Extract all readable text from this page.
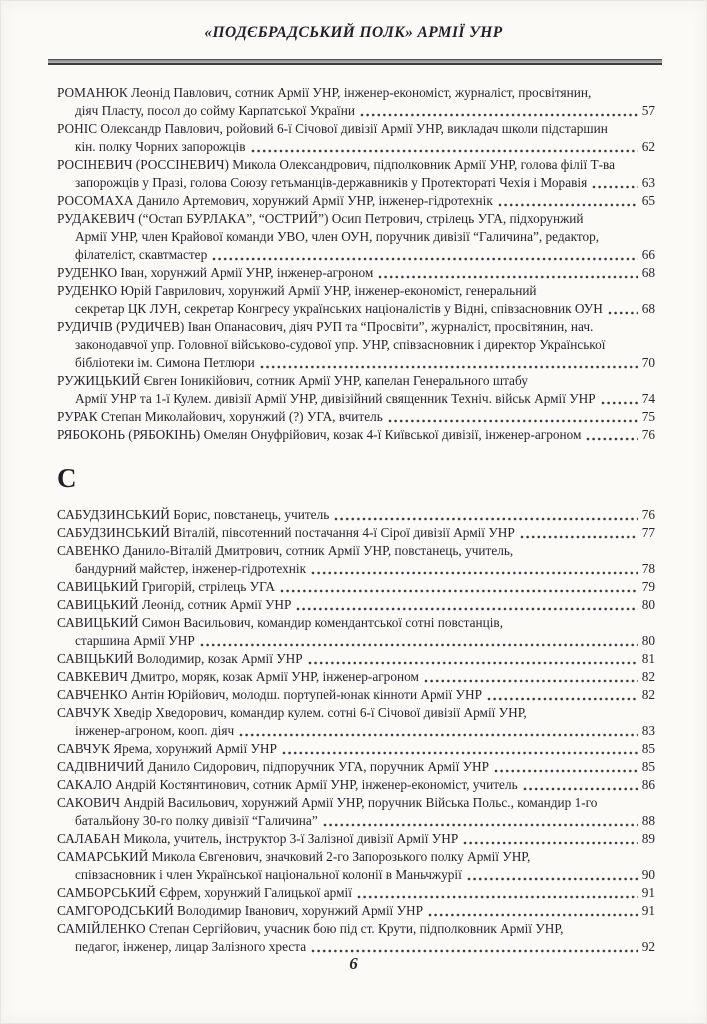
«ПОДЄБРАДСЬКИЙ ПОЛК» АРМІЇ УНР
РОМАНЮК Леонід Павлович, сотник Армії УНР, інженер-економіст, журналіст, просвітянин,
діяч Пласту, посол до сойму Карпатської України	57
РОНІС Олександр Павлович, ройовий 6-ї Січової дивізії Армії УНР, викладач школи підстаршин
кін. полку Чорних запорожців	62
РОСІНЕВИЧ (РОССІНЕВИЧ) Микола Олександрович, підполковник Армії УНР, голова філії Т-ва
запорожців у Празі, голова Союзу гетьманців-державників у Протектораті Чехія і Моравія	63
РОСОМАХА Данило Артемович, хорунжий Армії УНР, інженер-гідротехнік	65
РУДАКЕВИЧ (“Остап БУРЛАКА”, “ОСТРИЙ”) Осип Петрович, стрілець УГА, підхорунжий
Армії УНР, член Крайової команди УВО, член ОУН, поручник дивізії “Галичина”, редактор,
філателіст, скавтмастер	66
РУДЕНКО Іван, хорунжий Армії УНР, інженер-агроном	68
РУДЕНКО Юрій Гаврилович, хорунжий Армії УНР, інженер-економіст, генеральний
секретар ЦК ЛУН, секретар Конгресу українських націоналістів у Відні, співзасновник ОУН	68
РУДИЧІВ (РУДИЧЕВ) Іван Опанасович, діяч РУП та “Просвіти”, журналіст, просвітянин, нач.
законодавчої упр. Головної військово-судової упр. УНР, співзасновник і директор Української
бібліотеки ім. Симона Петлюри	70
РУЖИЦЬКИЙ Євген Іоникійович, сотник Армії УНР, капелан Генерального штабу
Армії УНР та 1-ї Кулем. дивізії Армії УНР, дивізійний священник Техніч. військ Армії УНР	74
РУРАК Степан Миколайович, хорунжий (?) УГА, вчитель	75
РЯБОКОНЬ (РЯБОКІНЬ) Омелян Онуфрійович, козак 4-ї Київської дивізії, інженер-агроном	76
С
САБУДЗИНСЬКИЙ Борис, повстанець, учитель	76
САБУДЗИНСЬКИЙ Віталій, півсотенний постачання 4-ї Сірої дивізії Армії УНР	77
САВЕНКО Данило-Віталій Дмитрович, сотник Армії УНР, повстанець, учитель,
бандурний майстер, інженер-гідротехнік	78
САВИЦЬКИЙ Григорій, стрілець УГА	79
САВИЦЬКИЙ Леонід, сотник Армії УНР	80
САВИЦЬКИЙ Симон Васильович, командир комендантської сотні повстанців,
старшина Армії УНР	80
САВІЦЬКИЙ Володимир, козак Армії УНР	81
САВКЕВИЧ Дмитро, моряк, козак Армії УНР, інженер-агроном	82
САВЧЕНКО Антін Юрійович, молодш. портупей-юнак кінноти Армії УНР	82
САВЧУК Хведір Хведорович, командир кулем. сотні 6-ї Січової дивізії Армії УНР,
інженер-агроном, кооп. діяч	83
САВЧУК Ярема, хорунжий Армії УНР	85
САДІВНИЧИЙ Данило Сидорович, підпоручник УГА, поручник Армії УНР	85
САКАЛО Андрій Костянтинович, сотник Армії УНР, інженер-економіст, учитель	86
САКОВИЧ Андрій Васильович, хорунжий Армії УНР, поручник Війська Польс., командир 1-го
батальйону 30-го полку дивізії “Галичина”	88
САЛАБАН Микола, учитель, інструктор 3-ї Залізної дивізії Армії УНР	89
САМАРСЬКИЙ Микола Євгенович, значковий 2-го Запорозького полку Армії УНР,
співзасновник і член Української національної колонії в Маньчжурії	90
САМБОРСЬКИЙ Єфрем, хорунжий Галицької армії	91
САМГОРОДСЬКИЙ Володимир Іванович, хорунжий Армії УНР	91
САМІЙЛЕНКО Степан Сергійович, учасник бою під ст. Крути, підполковник Армії УНР,
педагог, інженер, лицар Залізного хреста	92
6
